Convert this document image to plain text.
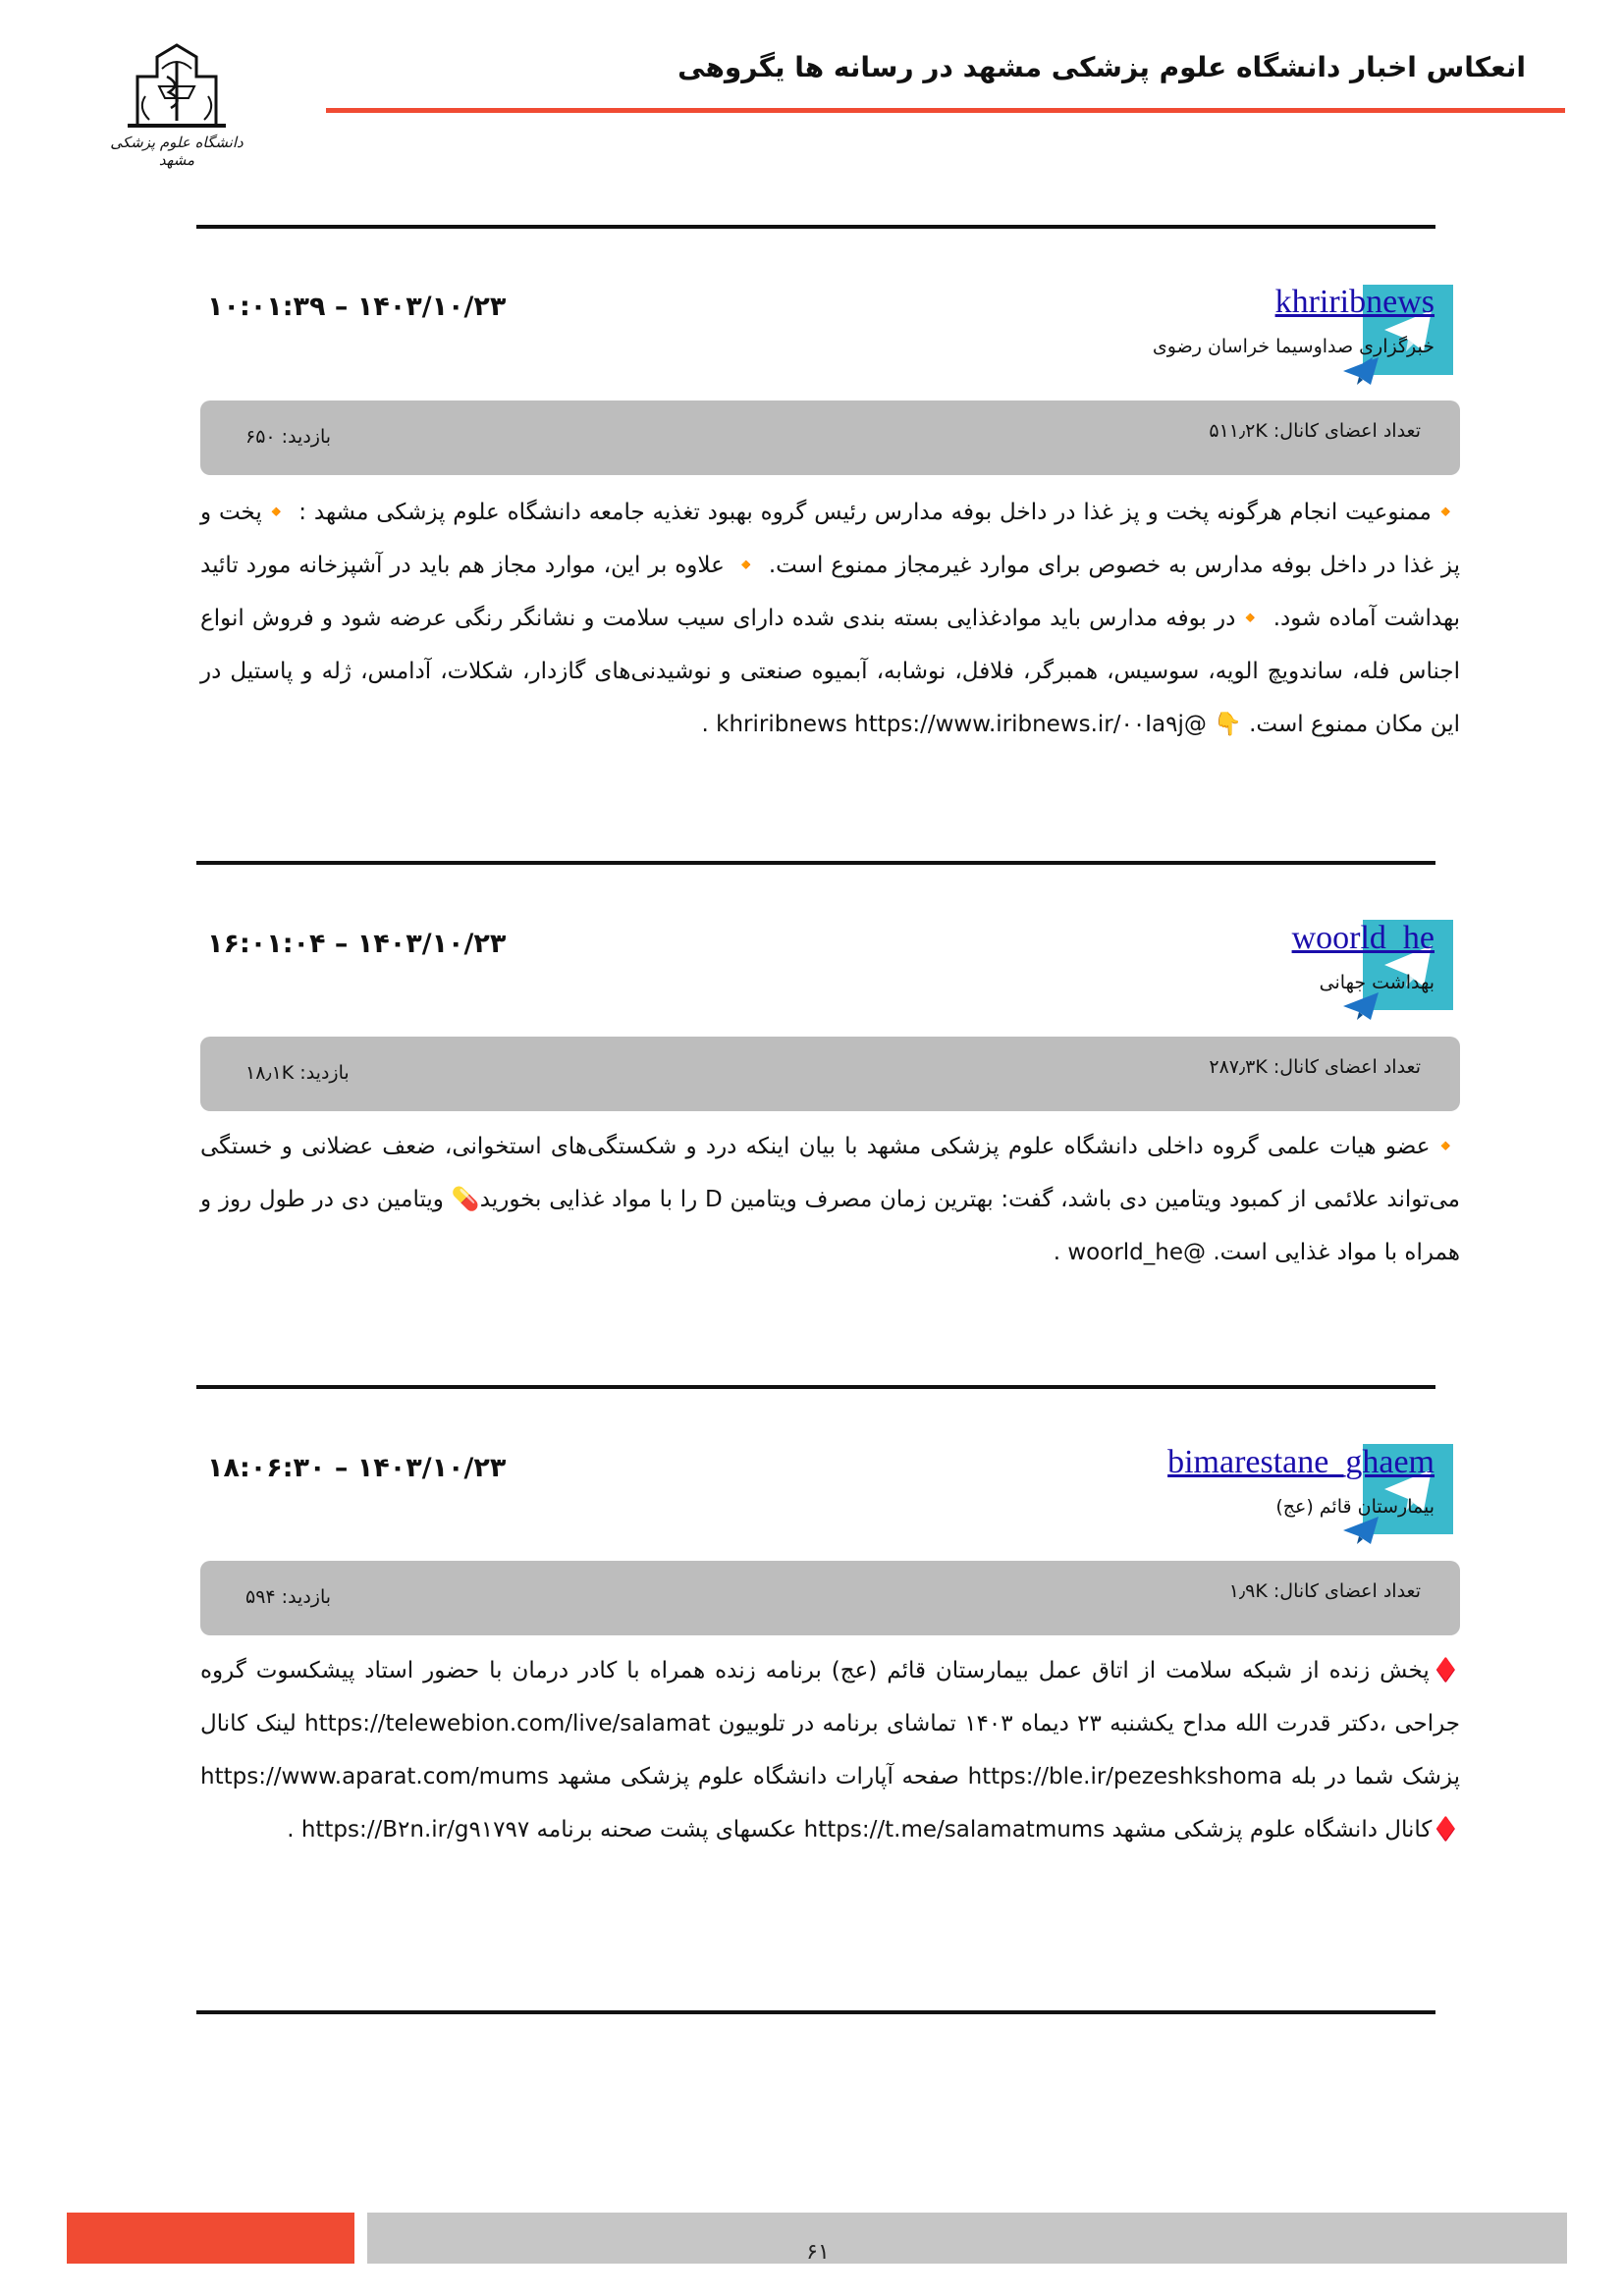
دانشگاه علوم پزشکی مشهد
انعکاس اخبار دانشگاه علوم پزشکی مشهد در رسانه ها یگروهی
khriribnews
خبرگزاری صداوسیما خراسان رضوی
۱۴۰۳/۱۰/۲۳ – ۱۰:۰۱:۳۹
تعداد اعضای کانال: ۵۱۱٫۲K
بازدید: ۶۵۰
🔸ممنوعیت انجام هرگونه پخت و پز غذا در داخل بوفه مدارس رئیس گروه بهبود تغذیه جامعه دانشگاه علوم پزشکی مشهد : 🔸پخت و پز غذا در داخل بوفه مدارس به خصوص برای موارد غیرمجاز ممنوع است. 🔸 علاوه بر این، موارد مجاز هم باید در آشپزخانه مورد تائید بهداشت آماده شود. 🔸در بوفه مدارس باید موادغذایی بسته بندی شده دارای سیب سلامت و نشانگر رنگی عرضه شود و فروش انواع اجناس فله، ساندویچ الویه، سوسیس، همبرگر، فلافل، نوشابه، آبمیوه صنعتی و نوشیدنی‌های گازدار، شکلات، آدامس، ژله و پاستیل در این مکان ممنوع است. 👇 @khriribnews https://www.iribnews.ir/۰۰Ia۹j .
woorld_he
بهداشت جهانی
۱۴۰۳/۱۰/۲۳ – ۱۶:۰۱:۰۴
تعداد اعضای کانال: ۲۸۷٫۳K
بازدید: ۱۸٫۱K
🔸عضو هیات علمی گروه داخلی دانشگاه علوم پزشکی مشهد با بیان اینکه درد و شکستگی‌های استخوانی، ضعف عضلانی و خستگی می‌تواند علائمی از کمبود ویتامین دی باشد، گفت: بهترین زمان مصرف ویتامین D را با مواد غذایی بخورید💊 ویتامین دی در طول روز و همراه با مواد غذایی است. @woorld_he .
bimarestane_ghaem
بیمارستان قائم (عج)
۱۴۰۳/۱۰/۲۳ – ۱۸:۰۶:۳۰
تعداد اعضای کانال: ۱٫۹K
بازدید: ۵۹۴
♦️پخش زنده از شبکه سلامت از اتاق عمل بیمارستان قائم (عج) برنامه زنده همراه با کادر درمان با حضور استاد پیشکسوت گروه جراحی ،دکتر قدرت الله مداح یکشنبه ۲۳ دیماه ۱۴۰۳ تماشای برنامه در تلوبیون https://telewebion.com/live/salamat لینک کانال پزشک شما در بله https://ble.ir/pezeshkshoma صفحه آپارات دانشگاه علوم پزشکی مشهد https://www.aparat.com/mums ♦️کانال دانشگاه علوم پزشکی مشهد https://t.me/salamatmums عکسهای پشت صحنه برنامه https://B۲n.ir/g۹۱۷۹۷ .
۶۱
